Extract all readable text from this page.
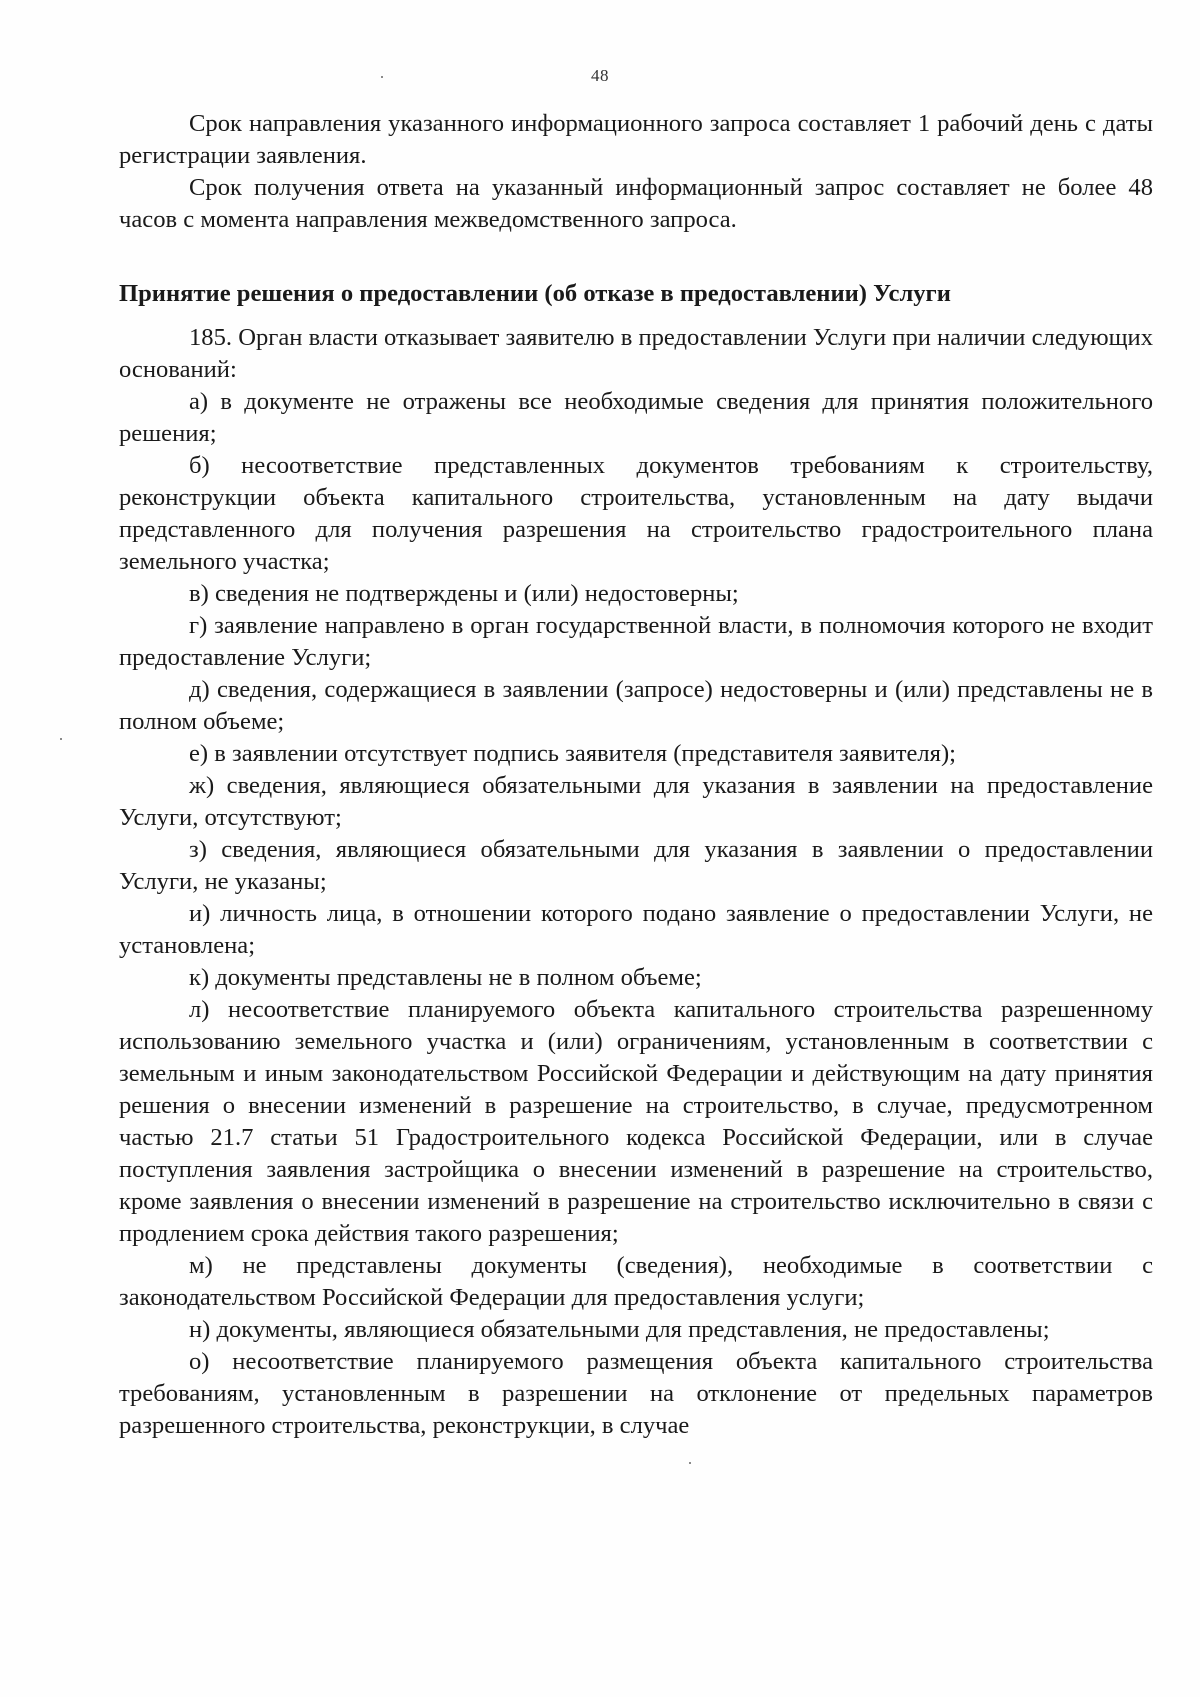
48

Срок направления указанного информационного запроса составляет 1 рабочий день с даты регистрации заявления.

Срок получения ответа на указанный информационный запрос составляет не более 48 часов с момента направления межведомственного запроса.

Принятие решения о предоставлении (об отказе в предоставлении) Услуги

185. Орган власти отказывает заявителю в предоставлении Услуги при наличии следующих оснований:

а) в документе не отражены все необходимые сведения для принятия положительного решения;

б) несоответствие представленных документов требованиям к строительству, реконструкции объекта капитального строительства, установленным на дату выдачи представленного для получения разрешения на строительство градостроительного плана земельного участка;

в) сведения не подтверждены и (или) недостоверны;

г) заявление направлено в орган государственной власти, в полномочия которого не входит предоставление Услуги;

д) сведения, содержащиеся в заявлении (запросе) недостоверны и (или) представлены не в полном объеме;

е) в заявлении отсутствует подпись заявителя (представителя заявителя);

ж) сведения, являющиеся обязательными для указания в заявлении на предоставление Услуги, отсутствуют;

з) сведения, являющиеся обязательными для указания в заявлении о предоставлении Услуги, не указаны;

и) личность лица, в отношении которого подано заявление о предоставлении Услуги, не установлена;

к) документы представлены не в полном объеме;

л) несоответствие планируемого объекта капитального строительства разрешенному использованию земельного участка и (или) ограничениям, установленным в соответствии с земельным и иным законодательством Российской Федерации и действующим на дату принятия решения о внесении изменений в разрешение на строительство, в случае, предусмотренном частью 21.7 статьи 51 Градостроительного кодекса Российской Федерации, или в случае поступления заявления застройщика о внесении изменений в разрешение на строительство, кроме заявления о внесении изменений в разрешение на строительство исключительно в связи с продлением срока действия такого разрешения;

м) не представлены документы (сведения), необходимые в соответствии с законодательством Российской Федерации для предоставления услуги;

н) документы, являющиеся обязательными для представления, не предоставлены;

о) несоответствие планируемого размещения объекта капитального строительства требованиям, установленным в разрешении на отклонение от предельных параметров разрешенного строительства, реконструкции, в случае
